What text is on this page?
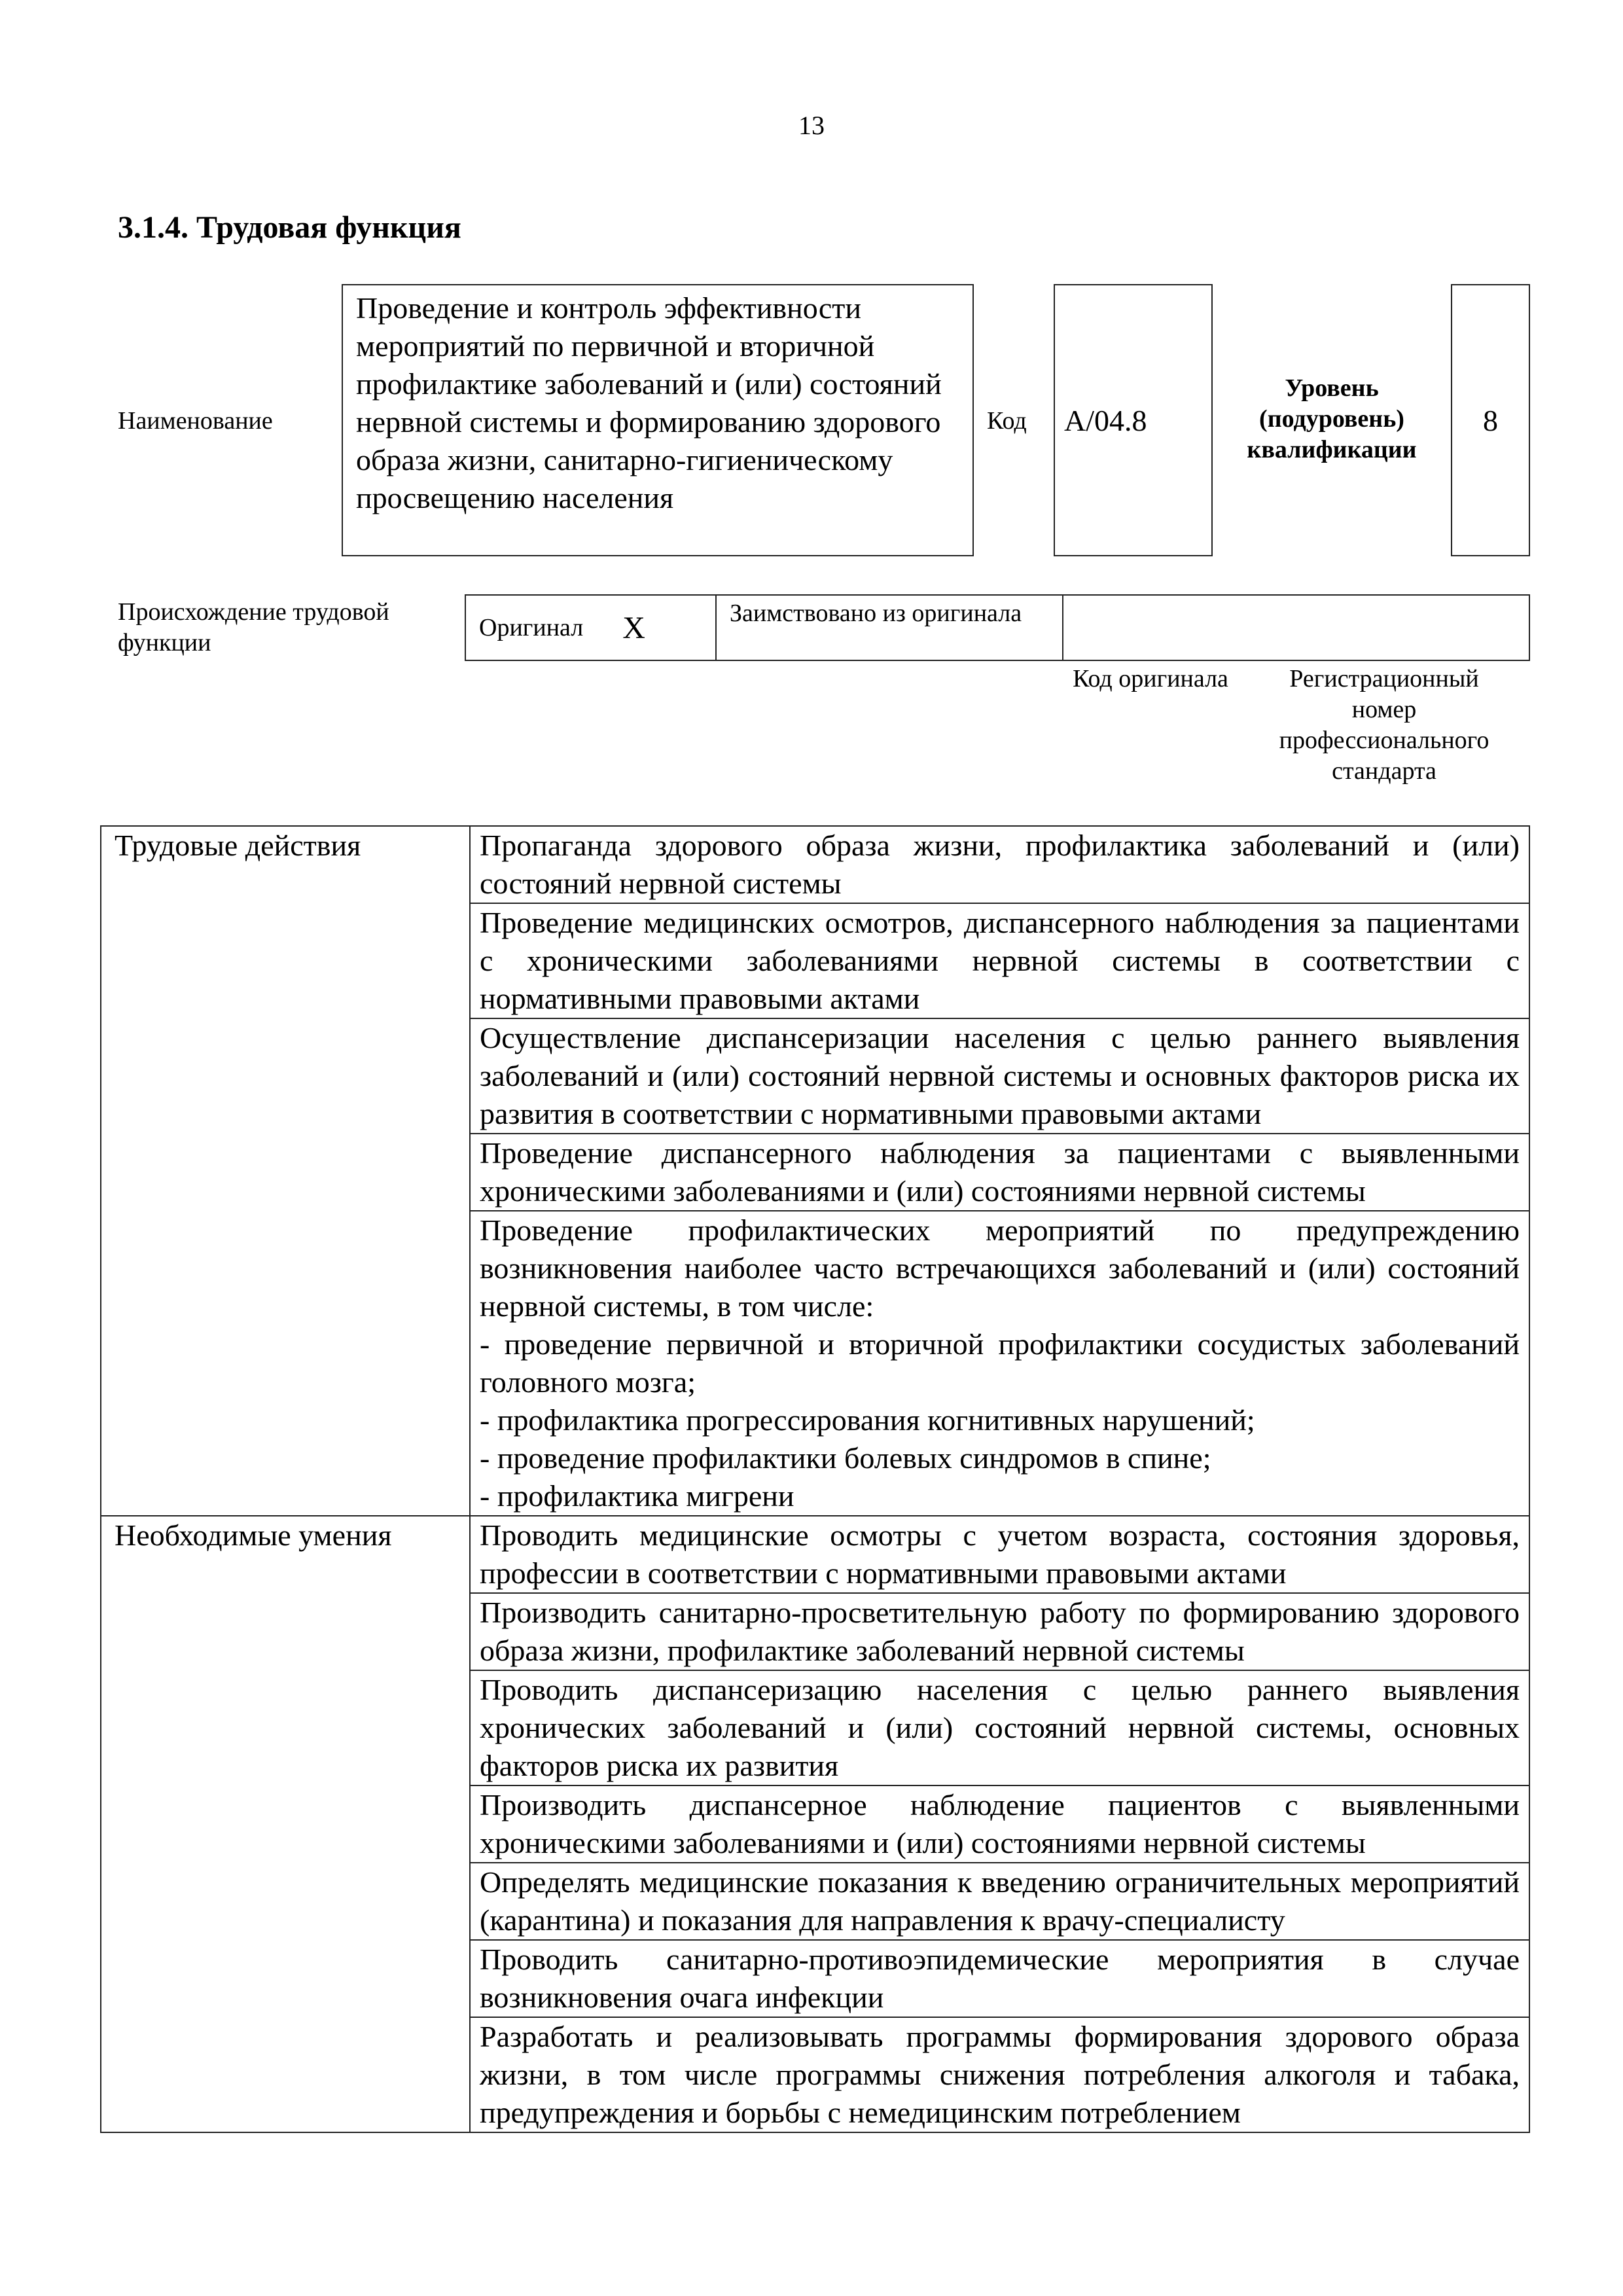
13
3.1.4. Трудовая функция
Наименование
Проведение и контроль эффективности мероприятий по первичной и вторичной профилактике заболеваний и (или) состояний нервной системы и формированию здорового образа жизни, санитарно-гигиеническому просвещению населения
Код A/04.8
Уровень (подуровень) квалификации
8
Происхождение трудовой функции
Оригинал X	Заимствовано из оригинала
Код оригинала	Регистрационный номер профессионального стандарта
Трудовые действия	Пропаганда здорового образа жизни, профилактика заболеваний и (или) состояний нервной системы
	Проведение медицинских осмотров, диспансерного наблюдения за пациентами с хроническими заболеваниями нервной системы в соответствии с нормативными правовыми актами
	Осуществление диспансеризации населения с целью раннего выявления заболеваний и (или) состояний нервной системы и основных факторов риска их развития в соответствии с нормативными правовыми актами
	Проведение диспансерного наблюдения за пациентами с выявленными хроническими заболеваниями и (или) состояниями нервной системы
	Проведение профилактических мероприятий по предупреждению возникновения наиболее часто встречающихся заболеваний и (или) состояний нервной системы, в том числе:
- проведение первичной и вторичной профилактики сосудистых заболеваний головного мозга;
- профилактика прогрессирования когнитивных нарушений;
- проведение профилактики болевых синдромов в спине;
- профилактика мигрени
Необходимые умения	Проводить медицинские осмотры с учетом возраста, состояния здоровья, профессии в соответствии с нормативными правовыми актами
	Производить санитарно-просветительную работу по формированию здорового образа жизни, профилактике заболеваний нервной системы
	Проводить диспансеризацию населения с целью раннего выявления хронических заболеваний и (или) состояний нервной системы, основных факторов риска их развития
	Производить диспансерное наблюдение пациентов с выявленными хроническими заболеваниями и (или) состояниями нервной системы
	Определять медицинские показания к введению ограничительных мероприятий (карантина) и показания для направления к врачу-специалисту
	Проводить санитарно-противоэпидемические мероприятия в случае возникновения очага инфекции
	Разработать и реализовывать программы формирования здорового образа жизни, в том числе программы снижения потребления алкоголя и табака, предупреждения и борьбы с немедицинским потреблением
